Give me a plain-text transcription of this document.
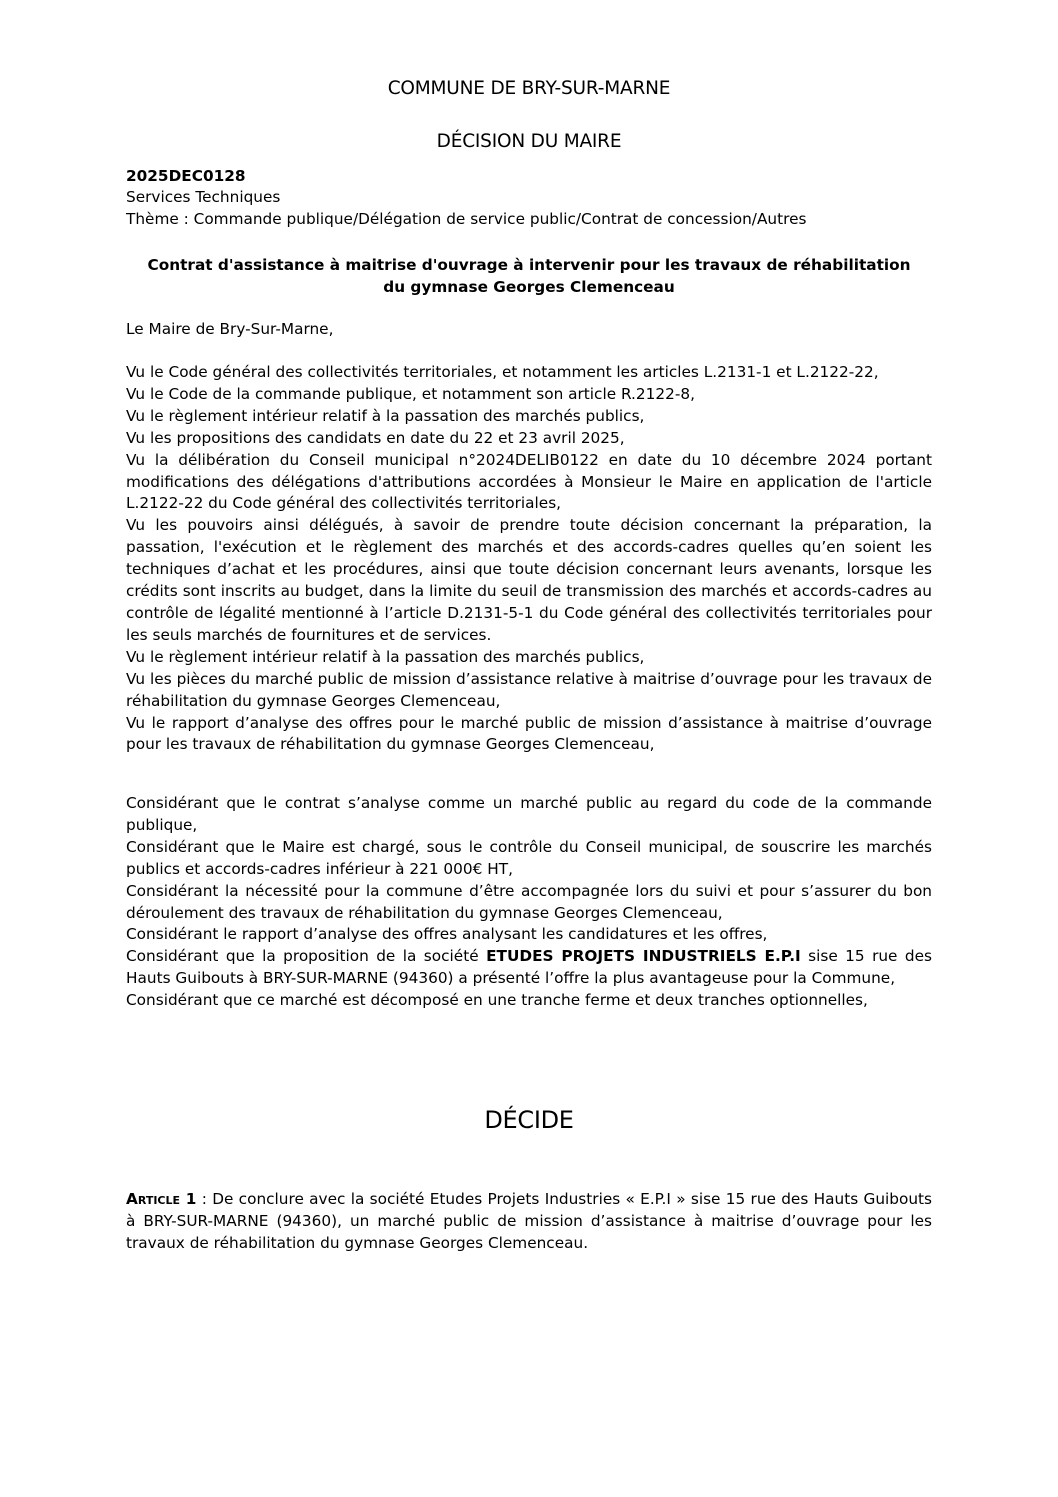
COMMUNE DE BRY-SUR-MARNE
DÉCISION DU MAIRE
2025DEC0128
Services Techniques
Thème : Commande publique/Délégation de service public/Contrat de concession/Autres
Contrat d'assistance à maitrise d'ouvrage à intervenir pour les travaux de réhabilitation
du gymnase Georges Clemenceau
Le Maire de Bry-Sur-Marne,

Vu le Code général des collectivités territoriales, et notamment les articles L.2131-1 et L.2122-22,

Vu le Code de la commande publique, et notamment son article R.2122-8,

Vu le règlement intérieur relatif à la passation des marchés publics,

Vu les propositions des candidats en date du 22 et 23 avril 2025,

Vu la délibération du Conseil municipal n°2024DELIB0122 en date du 10 décembre 2024 portant modifications des délégations d'attributions accordées à Monsieur le Maire en application de l'article L.2122-22 du Code général des collectivités territoriales,

Vu les pouvoirs ainsi délégués, à savoir de prendre toute décision concernant la préparation, la passation, l'exécution et le règlement des marchés et des accords-cadres quelles qu’en soient les techniques d’achat et les procédures, ainsi que toute décision concernant leurs avenants, lorsque les crédits sont inscrits au budget, dans la limite du seuil de transmission des marchés et accords-cadres au contrôle de légalité mentionné à l’article D.2131-5-1 du Code général des collectivités territoriales pour les seuls marchés de fournitures et de services.

Vu le règlement intérieur relatif à la passation des marchés publics,

Vu les pièces du marché public de mission d’assistance relative à maitrise d’ouvrage pour les travaux de réhabilitation du gymnase Georges Clemenceau,

Vu le rapport d’analyse des offres pour le marché public de mission d’assistance à maitrise d’ouvrage pour les travaux de réhabilitation du gymnase Georges Clemenceau,

Considérant que le contrat s’analyse comme un marché public au regard du code de la commande publique,

Considérant que le Maire est chargé, sous le contrôle du Conseil municipal, de souscrire les marchés publics et accords-cadres inférieur à 221 000€ HT,

Considérant la nécessité pour la commune d’être accompagnée lors du suivi et pour s’assurer du bon déroulement des travaux de réhabilitation du gymnase Georges Clemenceau,

Considérant le rapport d’analyse des offres analysant les candidatures et les offres,

Considérant que la proposition de la société ETUDES PROJETS INDUSTRIELS E.P.I sise 15 rue des Hauts Guibouts à BRY-SUR-MARNE (94360) a présenté l’offre la plus avantageuse pour la Commune,

Considérant que ce marché est décomposé en une tranche ferme et deux tranches optionnelles,

DÉCIDE

Article 1 : De conclure avec la société Etudes Projets Industries « E.P.I » sise 15 rue des Hauts Guibouts à BRY-SUR-MARNE (94360), un marché public de mission d’assistance à maitrise d’ouvrage pour les travaux de réhabilitation du gymnase Georges Clemenceau.
